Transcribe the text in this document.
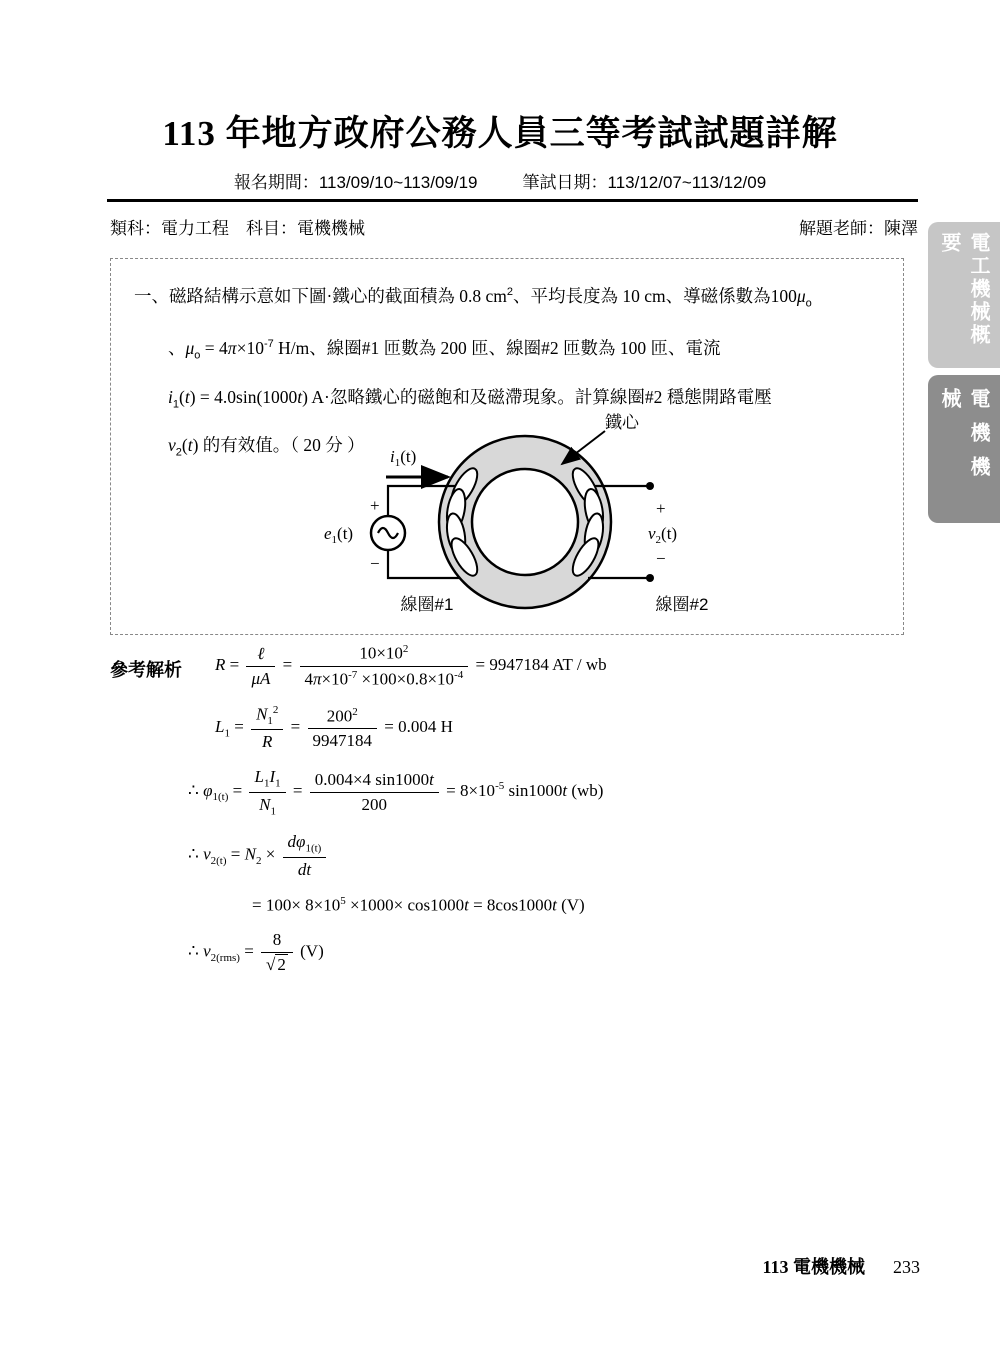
113 年地方政府公務人員三等考試試題詳解
報名期間：113/09/10~113/09/19	筆試日期：113/12/07~113/12/09
類科：電力工程　科目：電機機械	解題老師：陳澤
電工機械概要
電機機械
一、磁路結構示意如下圖·鐵心的截面積為 0.8 $cm^2$、平均長度為 10 cm、導磁係數為$100\mu_o$
、$\mu_o = 4\pi\times 10^{-7}$ H/m、線圈#1 匝數為 200 匝、線圈#2 匝數為 100 匝、電流
$i_1(t) = 4.0\sin(1000t)$ A·忽略鐵心的磁飽和及磁滯現象。計算線圈#2 穩態開路電壓
$v_2(t)$ 的有效值。（ 20 分 ）
鐵心
$i_1(t)$
+
−
$e_1(t)$
+
−
$v_2(t)$
線圈#1	線圈#2
參考解析 $R = \frac{\text{ℓ}}{\mu A} = \frac{10\times 10^2}{4\pi\times 10^{-7} \times 100\times 0.8\times 10^{-4}} = 9947184$ AT / wb
$L_1 = \frac{N_1^2}{R} = \frac{200^2}{9947184} = 0.004$ H
∴ $\varphi_{1(t)} = \frac{L_1I_1}{N_1} = \frac{0.004\times 4 \sin 1000t}{200} = 8\times 10^{-5}$ sin1000t (wb)
∴ $v_{2(t)} = N_2 \times \frac{d\varphi_{1(t)}}{dt}$
= $100\times 8\times 10^5 \times 1000\times \cos 1000t = 8\cos 1000t$ (V)
∴ $v_{2(rms)} = \frac{8}{√ 2} (V)$
113 電機機械 233
